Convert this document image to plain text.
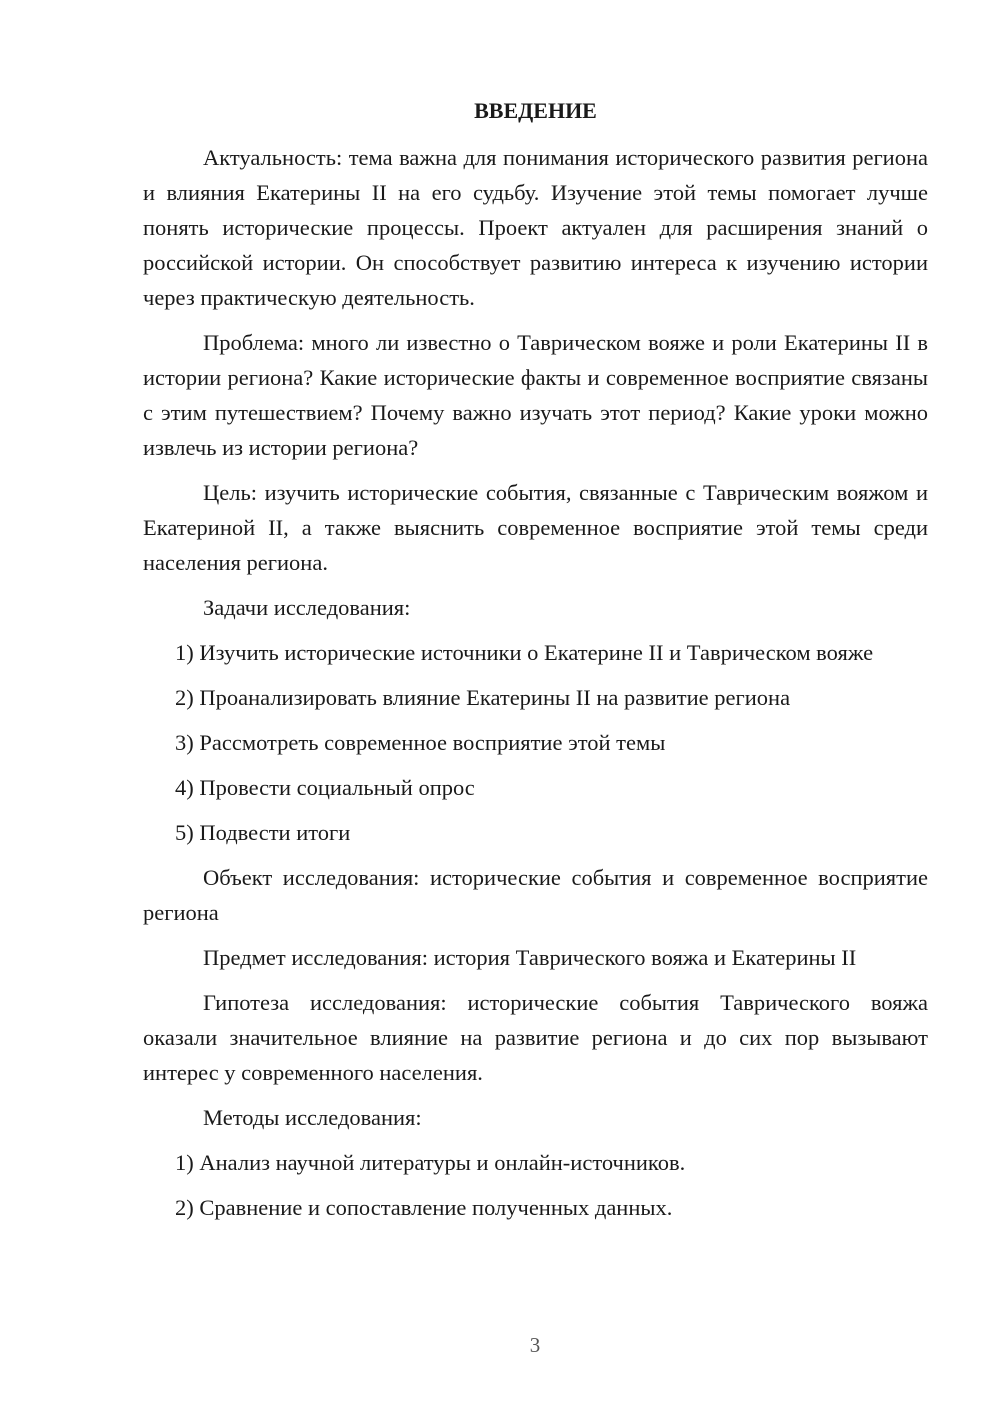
ВВЕДЕНИЕ

Актуальность: тема важна для понимания исторического развития региона и влияния Екатерины II на его судьбу. Изучение этой темы помогает лучше понять исторические процессы. Проект актуален для расширения знаний о российской истории. Он способствует развитию интереса к изучению истории через практическую деятельность.

Проблема: много ли известно о Таврическом вояже и роли Екатерины II в истории региона? Какие исторические факты и современное восприятие связаны с этим путешествием? Почему важно изучать этот период? Какие уроки можно извлечь из истории региона?

Цель: изучить исторические события, связанные с Таврическим вояжом и Екатериной II, а также выяснить современное восприятие этой темы среди населения региона.

Задачи исследования:

1) Изучить исторические источники о Екатерине II и Таврическом вояже

2) Проанализировать влияние Екатерины II на развитие региона

3) Рассмотреть современное восприятие этой темы

4) Провести социальный опрос

5) Подвести итоги

Объект исследования: исторические события и современное восприятие региона

Предмет исследования: история Таврического вояжа и Екатерины II

Гипотеза исследования: исторические события Таврического вояжа оказали значительное влияние на развитие региона и до сих пор вызывают интерес у современного населения.

Методы исследования:

1) Анализ научной литературы и онлайн-источников.

2) Сравнение и сопоставление полученных данных.

3
